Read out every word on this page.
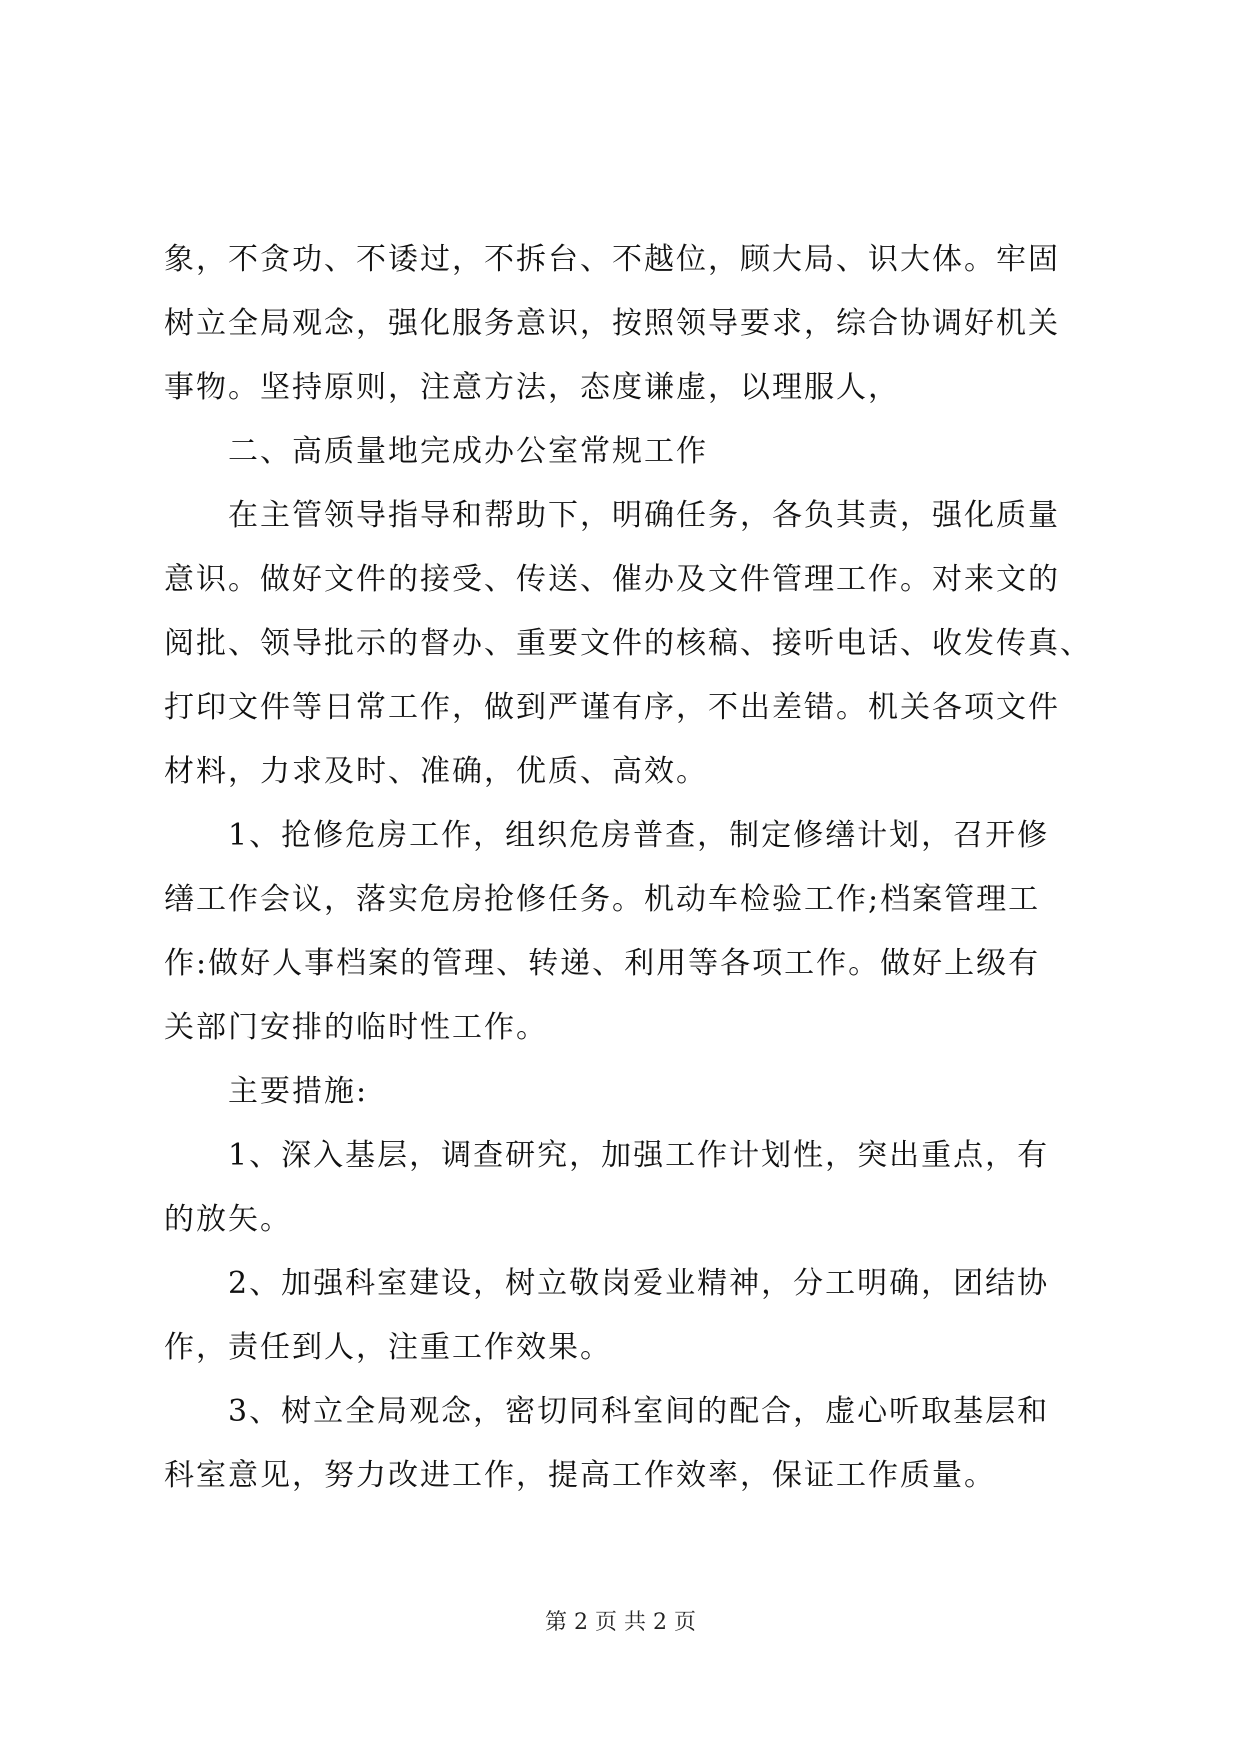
象，不贪功、不诿过，不拆台、不越位，顾大局、识大体。牢固
树立全局观念，强化服务意识，按照领导要求，综合协调好机关
事物。坚持原则，注意方法，态度谦虚，以理服人，
　　二、高质量地完成办公室常规工作
　　在主管领导指导和帮助下，明确任务，各负其责，强化质量
意识。做好文件的接受、传送、催办及文件管理工作。对来文的
阅批、领导批示的督办、重要文件的核稿、接听电话、收发传真、
打印文件等日常工作，做到严谨有序，不出差错。机关各项文件
材料，力求及时、准确，优质、高效。
　　1、抢修危房工作，组织危房普查，制定修缮计划，召开修
缮工作会议，落实危房抢修任务。机动车检验工作;档案管理工
作:做好人事档案的管理、转递、利用等各项工作。做好上级有
关部门安排的临时性工作。
　　主要措施:
　　1、深入基层，调查研究，加强工作计划性，突出重点，有
的放矢。
　　2、加强科室建设，树立敬岗爱业精神，分工明确，团结协
作，责任到人，注重工作效果。
　　3、树立全局观念，密切同科室间的配合，虚心听取基层和
科室意见，努力改进工作，提高工作效率，保证工作质量。
第 2 页 共 2 页
